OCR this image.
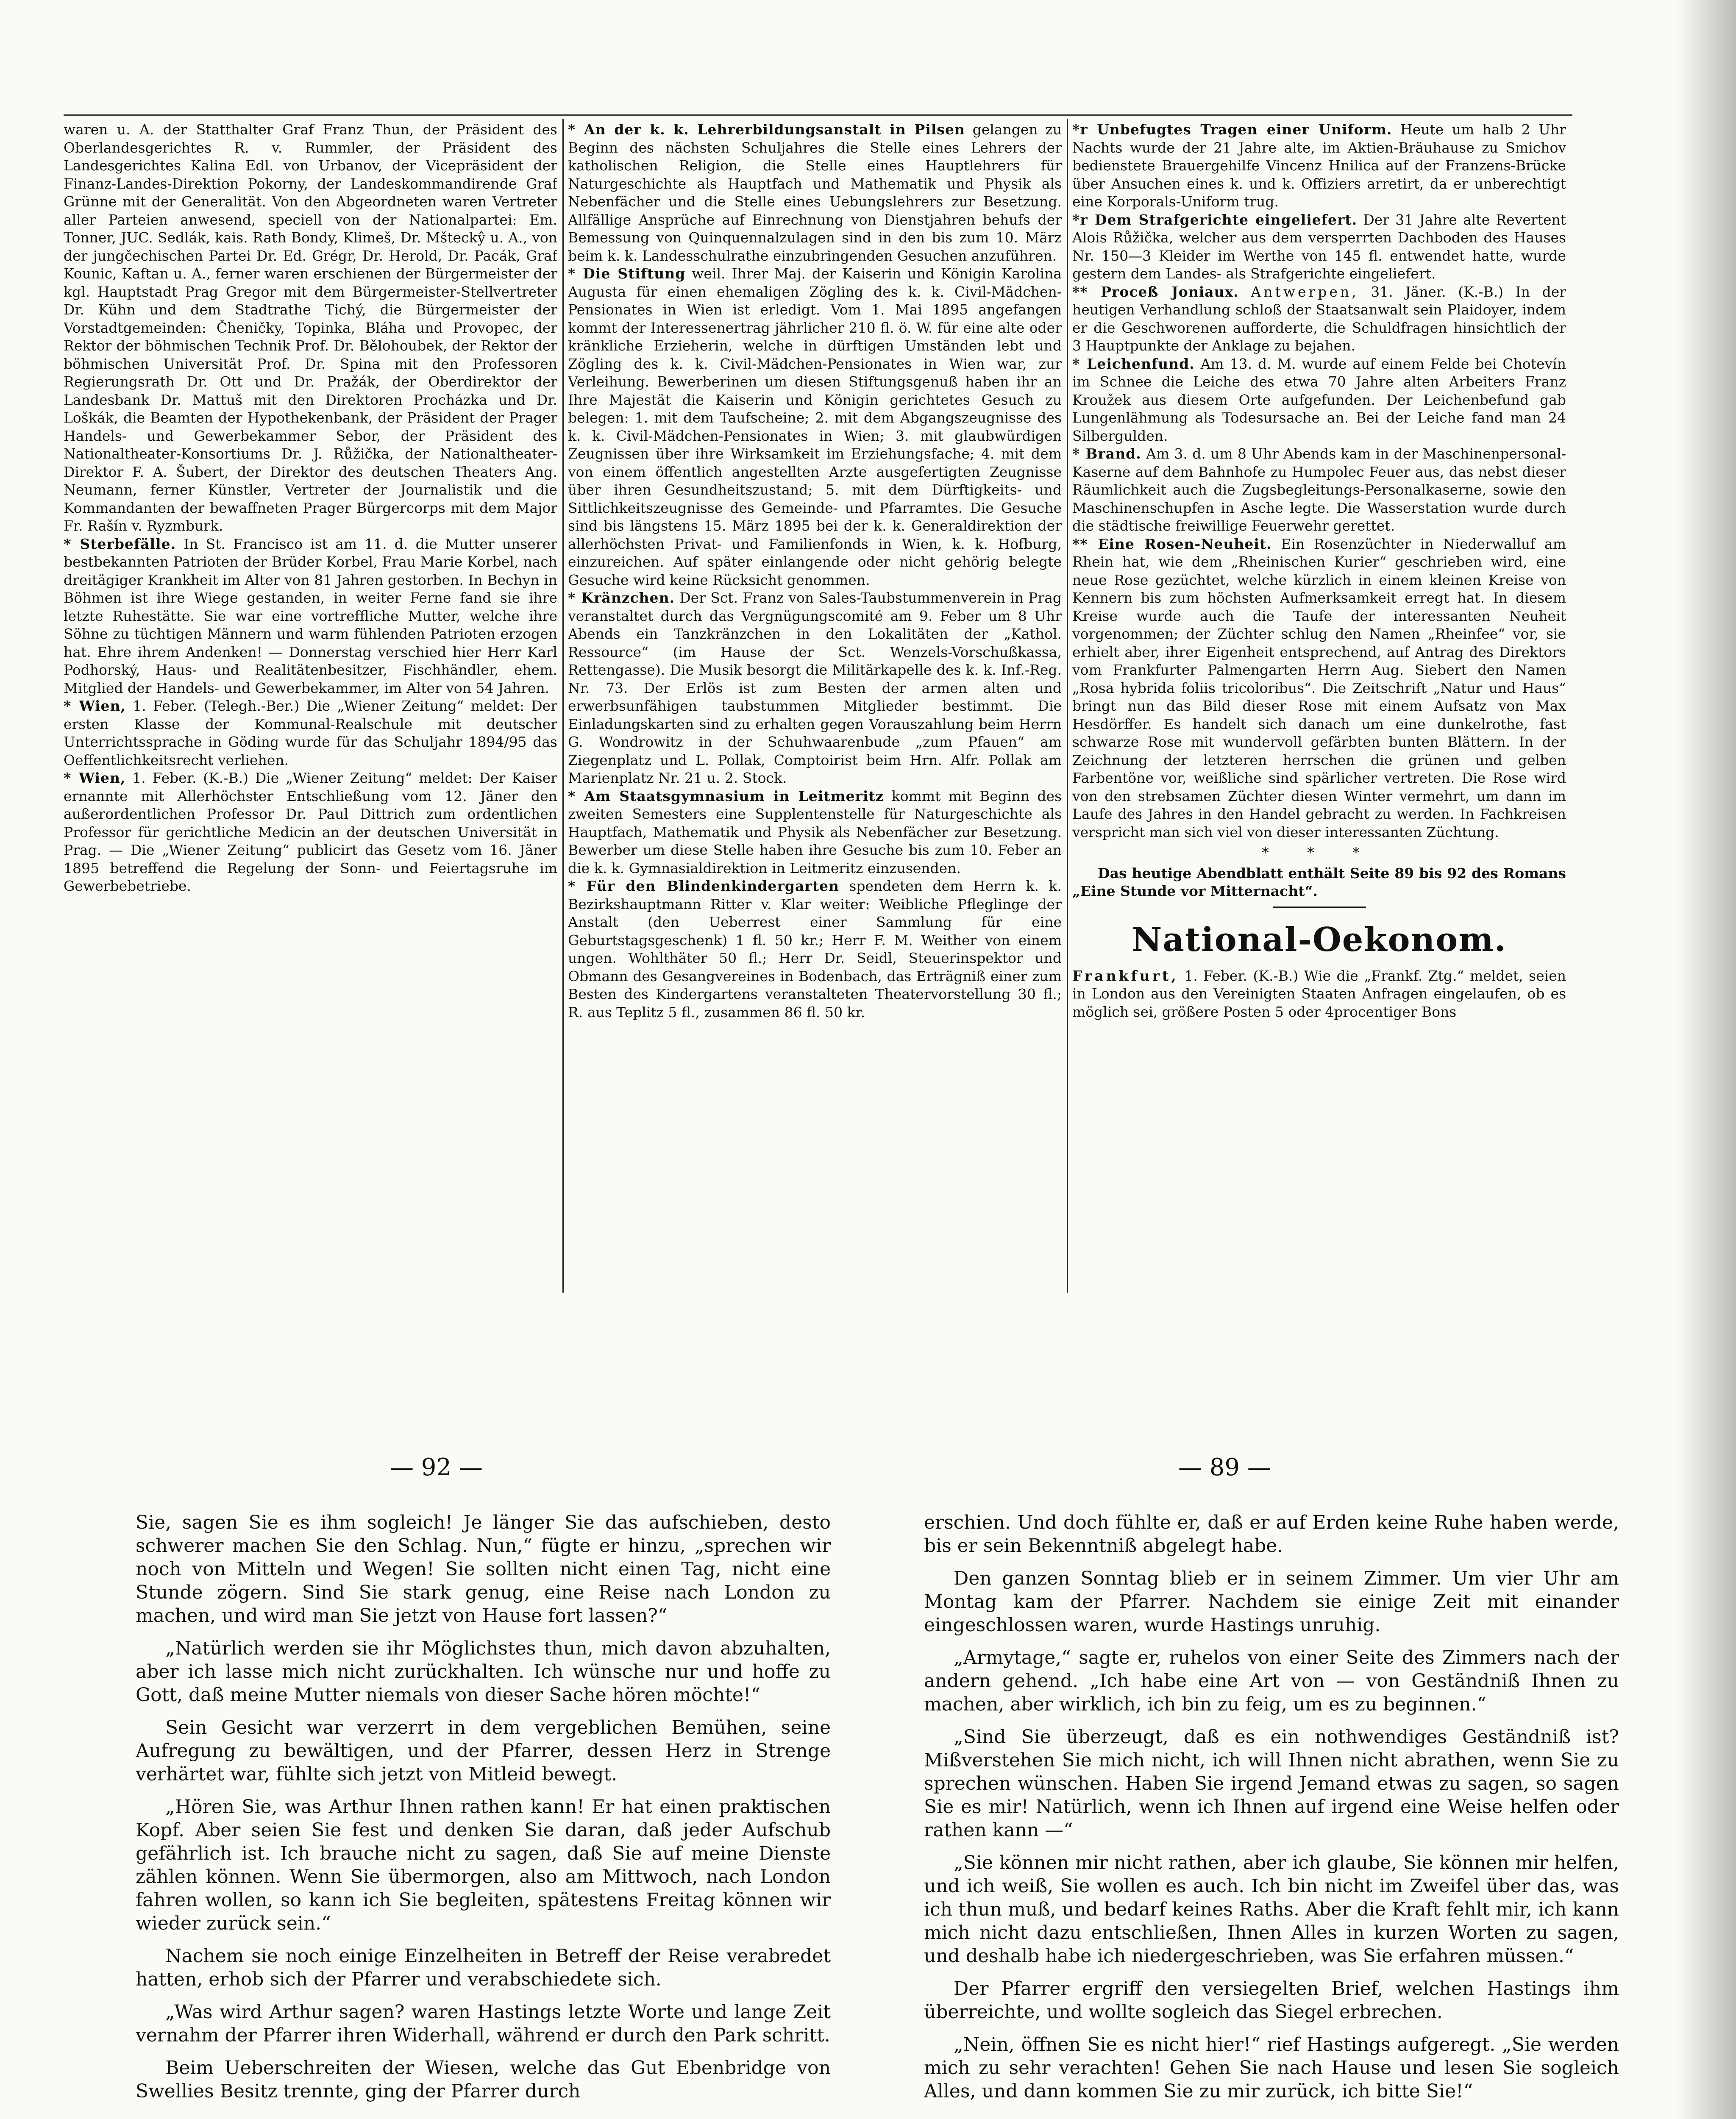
waren u. A. der Statthalter Graf Franz Thun, der Präsident des Oberlandesgerichtes R. v. Rummler, der Präsident des Landesgerichtes Kalina Edl. von Urbanov, der Vicepräsident der Finanz-Landes-Direktion Pokorny, der Landeskommandirende Graf Grünne mit der Generalität. Von den Abgeordneten waren Vertreter aller Parteien anwesend, speciell von der Nationalpartei: Em. Tonner, JUC. Sedlák, kais. Rath Bondy, Klimeš, Dr. Mšteckŷ u. A., von der jungčechischen Partei Dr. Ed. Grégr, Dr. Herold, Dr. Pacák, Graf Kounic, Kaftan u. A., ferner waren erschienen der Bürgermeister der kgl. Hauptstadt Prag Gregor mit dem Bürgermeister-Stellvertreter Dr. Kühn und dem Stadtrathe Tichý, die Bürgermeister der Vorstadtgemeinden: Čheničky, Topinka, Bláha und Provopec, der Rektor der böhmischen Technik Prof. Dr. Bělohoubek, der Rektor der böhmischen Universität Prof. Dr. Spina mit den Professoren Regierungsrath Dr. Ott und Dr. Pražák, der Oberdirektor der Landesbank Dr. Mattuš mit den Direktoren Procházka und Dr. Loškák, die Beamten der Hypothekenbank, der Präsident der Prager Handels- und Gewerbekammer Sebor, der Präsident des Nationaltheater-Konsortiums Dr. J. Růžička, der Nationaltheater-Direktor F. A. Šubert, der Direktor des deutschen Theaters Ang. Neumann, ferner Künstler, Vertreter der Journalistik und die Kommandanten der bewaffneten Prager Bürgercorps mit dem Major Fr. Rašín v. Ryzmburk.

* Sterbefälle. In St. Francisco ist am 11. d. die Mutter unserer bestbekannten Patrioten der Brüder Korbel, Frau Marie Korbel, nach dreitägiger Krankheit im Alter von 81 Jahren gestorben. In Bechyn in Böhmen ist ihre Wiege gestanden, in weiter Ferne fand sie ihre letzte Ruhestätte. Sie war eine vortreffliche Mutter, welche ihre Söhne zu tüchtigen Männern und warm fühlenden Patrioten erzogen hat. Ehre ihrem Andenken! — Donnerstag verschied hier Herr Karl Podhorský, Haus- und Realitätenbesitzer, Fischhändler, ehem. Mitglied der Handels- und Gewerbekammer, im Alter von 54 Jahren.

* Wien, 1. Feber. (Telegh.-Ber.) Die „Wiener Zeitung“ meldet: Der ersten Klasse der Kommunal-Realschule mit deutscher Unterrichtssprache in Göding wurde für das Schuljahr 1894/95 das Oeffentlichkeitsrecht verliehen.

* Wien, 1. Feber. (K.-B.) Die „Wiener Zeitung“ meldet: Der Kaiser ernannte mit Allerhöchster Entschließung vom 12. Jäner den außerordentlichen Professor Dr. Paul Dittrich zum ordentlichen Professor für gerichtliche Medicin an der deutschen Universität in Prag. — Die „Wiener Zeitung“ publicirt das Gesetz vom 16. Jäner 1895 betreffend die Regelung der Sonn- und Feiertagsruhe im Gewerbebetriebe.

* An der k. k. Lehrerbildungsanstalt in Pilsen gelangen zu Beginn des nächsten Schuljahres die Stelle eines Lehrers der katholischen Religion, die Stelle eines Hauptlehrers für Naturgeschichte als Hauptfach und Mathematik und Physik als Nebenfächer und die Stelle eines Uebungslehrers zur Besetzung. Allfällige Ansprüche auf Einrechnung von Dienstjahren behufs der Bemessung von Quinquennalzulagen sind in den bis zum 10. März beim k. k. Landesschulrathe einzubringenden Gesuchen anzuführen.

* Die Stiftung weil. Ihrer Maj. der Kaiserin und Königin Karolina Augusta für einen ehemaligen Zögling des k. k. Civil-Mädchen-Pensionates in Wien ist erledigt. Vom 1. Mai 1895 angefangen kommt der Interessenertrag jährlicher 210 fl. ö. W. für eine alte oder kränkliche Erzieherin, welche in dürftigen Umständen lebt und Zögling des k. k. Civil-Mädchen-Pensionates in Wien war, zur Verleihung. Bewerberinen um diesen Stiftungsgenuß haben ihr an Ihre Majestät die Kaiserin und Königin gerichtetes Gesuch zu belegen: 1. mit dem Taufscheine; 2. mit dem Abgangszeugnisse des k. k. Civil-Mädchen-Pensionates in Wien; 3. mit glaubwürdigen Zeugnissen über ihre Wirksamkeit im Erziehungsfache; 4. mit dem von einem öffentlich angestellten Arzte ausgefertigten Zeugnisse über ihren Gesundheitszustand; 5. mit dem Dürftigkeits- und Sittlichkeitszeugnisse des Gemeinde- und Pfarramtes. Die Gesuche sind bis längstens 15. März 1895 bei der k. k. Generaldirektion der allerhöchsten Privat- und Familienfonds in Wien, k. k. Hofburg, einzureichen. Auf später einlangende oder nicht gehörig belegte Gesuche wird keine Rücksicht genommen.

* Kränzchen. Der Sct. Franz von Sales-Taubstummenverein in Prag veranstaltet durch das Vergnügungscomité am 9. Feber um 8 Uhr Abends ein Tanzkränzchen in den Lokalitäten der „Kathol. Ressource“ (im Hause der Sct. Wenzels-Vorschußkassa, Rettengasse). Die Musik besorgt die Militärkapelle des k. k. Inf.-Reg. Nr. 73. Der Erlös ist zum Besten der armen alten und erwerbsunfähigen taubstummen Mitglieder bestimmt. Die Einladungskarten sind zu erhalten gegen Vorauszahlung beim Herrn G. Wondrowitz in der Schuhwaarenbude „zum Pfauen“ am Ziegenplatz und L. Pollak, Comptoirist beim Hrn. Alfr. Pollak am Marienplatz Nr. 21 u. 2. Stock.

* Am Staatsgymnasium in Leitmeritz kommt mit Beginn des zweiten Semesters eine Supplentenstelle für Naturgeschichte als Hauptfach, Mathematik und Physik als Nebenfächer zur Besetzung. Bewerber um diese Stelle haben ihre Gesuche bis zum 10. Feber an die k. k. Gymnasialdirektion in Leitmeritz einzusenden.

* Für den Blindenkindergarten spendeten dem Herrn k. k. Bezirkshauptmann Ritter v. Klar weiter: Weibliche Pfleglinge der Anstalt (den Ueberrest einer Sammlung für eine Geburtstagsgeschenk) 1 fl. 50 kr.; Herr F. M. Weither von einem ungen. Wohlthäter 50 fl.; Herr Dr. Seidl, Steuerinspektor und Obmann des Gesangvereines in Bodenbach, das Erträgniß einer zum Besten des Kindergartens veranstalteten Theatervorstellung 30 fl.; R. aus Teplitz 5 fl., zusammen 86 fl. 50 kr.

*r Unbefugtes Tragen einer Uniform. Heute um halb 2 Uhr Nachts wurde der 21 Jahre alte, im Aktien-Bräuhause zu Smichov bedienstete Brauergehilfe Vincenz Hnilica auf der Franzens-Brücke über Ansuchen eines k. und k. Offiziers arretirt, da er unberechtigt eine Korporals-Uniform trug.

*r Dem Strafgerichte eingeliefert. Der 31 Jahre alte Revertent Alois Růžička, welcher aus dem versperrten Dachboden des Hauses Nr. 150—3 Kleider im Werthe von 145 fl. entwendet hatte, wurde gestern dem Landes- als Strafgerichte eingeliefert.

** Proceß Joniaux. Antwerpen, 31. Jäner. (K.-B.) In der heutigen Verhandlung schloß der Staatsanwalt sein Plaidoyer, indem er die Geschworenen aufforderte, die Schuldfragen hinsichtlich der 3 Hauptpunkte der Anklage zu bejahen.

* Leichenfund. Am 13. d. M. wurde auf einem Felde bei Chotevín im Schnee die Leiche des etwa 70 Jahre alten Arbeiters Franz Kroužek aus diesem Orte aufgefunden. Der Leichenbefund gab Lungenlähmung als Todesursache an. Bei der Leiche fand man 24 Silbergulden.

* Brand. Am 3. d. um 8 Uhr Abends kam in der Maschinenpersonal-Kaserne auf dem Bahnhofe zu Humpolec Feuer aus, das nebst dieser Räumlichkeit auch die Zugsbegleitungs-Personalkaserne, sowie den Maschinenschupfen in Asche legte. Die Wasserstation wurde durch die städtische freiwillige Feuerwehr gerettet.

** Eine Rosen-Neuheit. Ein Rosenzüchter in Niederwalluf am Rhein hat, wie dem „Rheinischen Kurier“ geschrieben wird, eine neue Rose gezüchtet, welche kürzlich in einem kleinen Kreise von Kennern bis zum höchsten Aufmerksamkeit erregt hat. In diesem Kreise wurde auch die Taufe der interessanten Neuheit vorgenommen; der Züchter schlug den Namen „Rheinfee“ vor, sie erhielt aber, ihrer Eigenheit entsprechend, auf Antrag des Direktors vom Frankfurter Palmengarten Herrn Aug. Siebert den Namen „Rosa hybrida foliis tricoloribus“. Die Zeitschrift „Natur und Haus“ bringt nun das Bild dieser Rose mit einem Aufsatz von Max Hesdörffer. Es handelt sich danach um eine dunkelrothe, fast schwarze Rose mit wundervoll gefärbten bunten Blättern. In der Zeichnung der letzteren herrschen die grünen und gelben Farbentöne vor, weißliche sind spärlicher vertreten. Die Rose wird von den strebsamen Züchter diesen Winter vermehrt, um dann im Laufe des Jahres in den Handel gebracht zu werden. In Fachkreisen verspricht man sich viel von dieser interessanten Züchtung.

* * *

Das heutige Abendblatt enthält Seite 89 bis 92 des Romans „Eine Stunde vor Mitternacht“.

National-Oekonom.

Frankfurt, 1. Feber. (K.-B.) Wie die „Frankf. Ztg.“ meldet, seien in London aus den Vereinigten Staaten Anfragen eingelaufen, ob es möglich sei, größere Posten 5 oder 4procentiger Bons

— 92 —	— 89 —

Sie, sagen Sie es ihm sogleich! Je länger Sie das aufschieben, desto schwerer machen Sie den Schlag. Nun,“ fügte er hinzu, „sprechen wir noch von Mitteln und Wegen! Sie sollten nicht einen Tag, nicht eine Stunde zögern. Sind Sie stark genug, eine Reise nach London zu machen, und wird man Sie jetzt von Hause fort lassen?“

„Natürlich werden sie ihr Möglichstes thun, mich davon abzuhalten, aber ich lasse mich nicht zurückhalten. Ich wünsche nur und hoffe zu Gott, daß meine Mutter niemals von dieser Sache hören möchte!“

Sein Gesicht war verzerrt in dem vergeblichen Bemühen, seine Aufregung zu bewältigen, und der Pfarrer, dessen Herz in Strenge verhärtet war, fühlte sich jetzt von Mitleid bewegt.

„Hören Sie, was Arthur Ihnen rathen kann! Er hat einen praktischen Kopf. Aber seien Sie fest und denken Sie daran, daß jeder Aufschub gefährlich ist. Ich brauche nicht zu sagen, daß Sie auf meine Dienste zählen können. Wenn Sie übermorgen, also am Mittwoch, nach London fahren wollen, so kann ich Sie begleiten, spätestens Freitag können wir wieder zurück sein.“

Nachem sie noch einige Einzelheiten in Betreff der Reise verabredet hatten, erhob sich der Pfarrer und verabschiedete sich.

„Was wird Arthur sagen? waren Hastings letzte Worte und lange Zeit vernahm der Pfarrer ihren Widerhall, während er durch den Park schritt.

Beim Ueberschreiten der Wiesen, welche das Gut Ebenbridge von Swellies Besitz trennte, ging der Pfarrer durch

erschien. Und doch fühlte er, daß er auf Erden keine Ruhe haben werde, bis er sein Bekenntniß abgelegt habe.

Den ganzen Sonntag blieb er in seinem Zimmer. Um vier Uhr am Montag kam der Pfarrer. Nachdem sie einige Zeit mit einander eingeschlossen waren, wurde Hastings unruhig.

„Armytage,“ sagte er, ruhelos von einer Seite des Zimmers nach der andern gehend. „Ich habe eine Art von — von Geständniß Ihnen zu machen, aber wirklich, ich bin zu feig, um es zu beginnen.“

„Sind Sie überzeugt, daß es ein nothwendiges Geständniß ist? Mißverstehen Sie mich nicht, ich will Ihnen nicht abrathen, wenn Sie zu sprechen wünschen. Haben Sie irgend Jemand etwas zu sagen, so sagen Sie es mir! Natürlich, wenn ich Ihnen auf irgend eine Weise helfen oder rathen kann —“

„Sie können mir nicht rathen, aber ich glaube, Sie können mir helfen, und ich weiß, Sie wollen es auch. Ich bin nicht im Zweifel über das, was ich thun muß, und bedarf keines Raths. Aber die Kraft fehlt mir, ich kann mich nicht dazu entschließen, Ihnen Alles in kurzen Worten zu sagen, und deshalb habe ich niedergeschrieben, was Sie erfahren müssen.“

Der Pfarrer ergriff den versiegelten Brief, welchen Hastings ihm überreichte, und wollte sogleich das Siegel erbrechen.

„Nein, öffnen Sie es nicht hier!“ rief Hastings aufgeregt. „Sie werden mich zu sehr verachten! Gehen Sie nach Hause und lesen Sie sogleich Alles, und dann kommen Sie zu mir zurück, ich bitte Sie!“
